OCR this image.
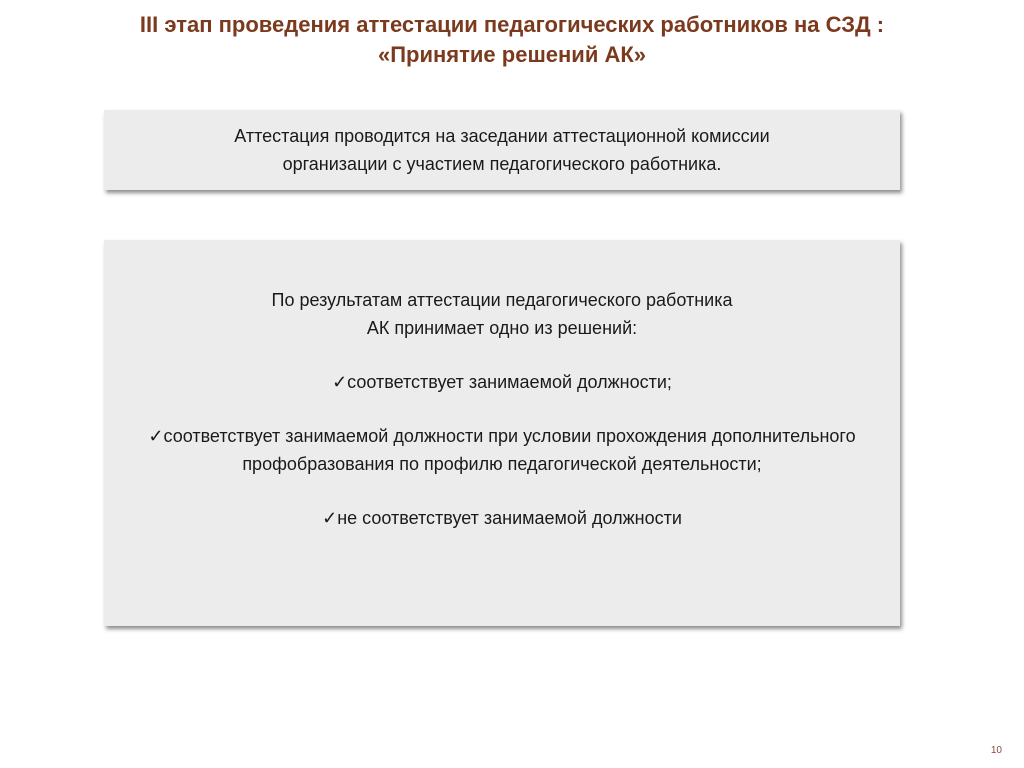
III этап проведения аттестации педагогических работников на СЗД :
«Принятие решений АК»
Аттестация проводится на заседании аттестационной комиссии
организации с участием педагогического работника.
По результатам аттестации педагогического работника
АК принимает одно из решений:
✓соответствует занимаемой должности;
✓соответствует занимаемой должности при условии прохождения дополнительного профобразования по профилю педагогической деятельности;
✓не соответствует занимаемой должности
10
